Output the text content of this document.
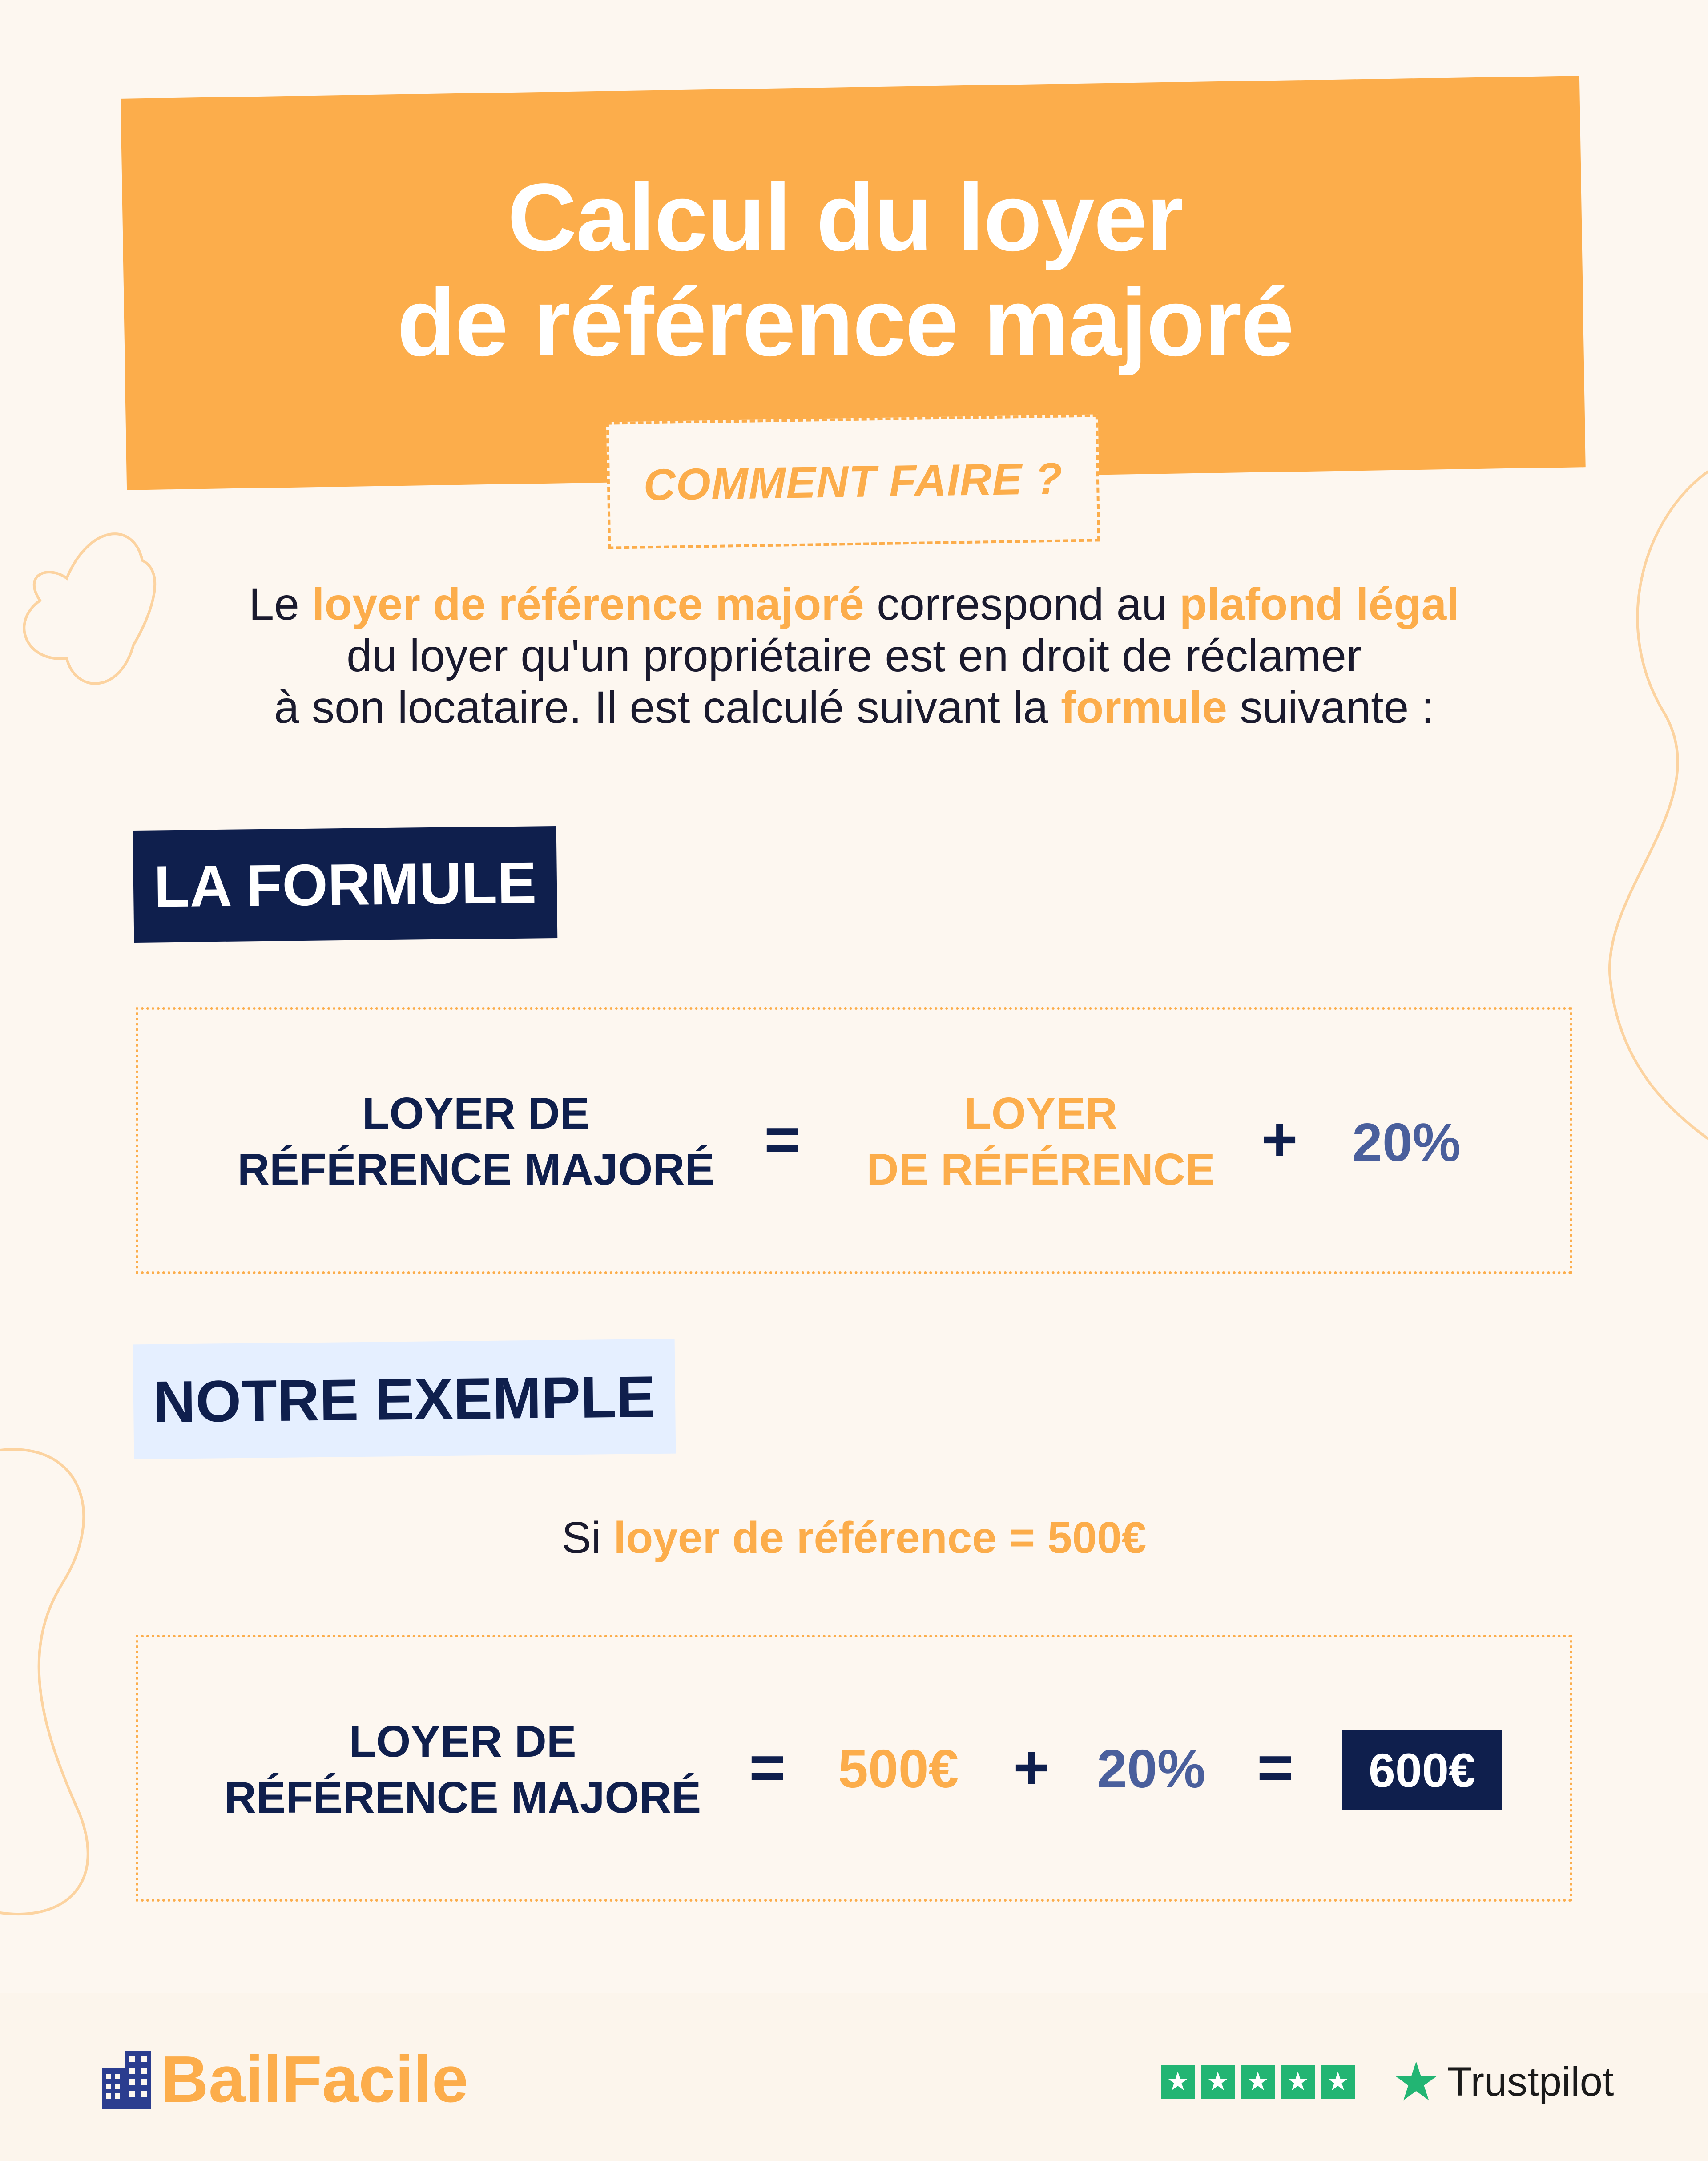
Calcul du loyer
de référence majoré
COMMENT FAIRE ?
Le loyer de référence majoré correspond au plafond légal
du loyer qu'un propriétaire est en droit de réclamer
à son locataire. Il est calculé suivant la formule suivante :
LA FORMULE
LOYER DE
RÉFÉRENCE MAJORÉ =	LOYER
DE RÉFÉRENCE + 20%
NOTRE EXEMPLE
Si loyer de référence = 500€
LOYER DE
RÉFÉRENCE MAJORÉ = 500€ + 20% = 600€
BailFacile	★ ★ ★ ★ ★ ★ Trustpilot
